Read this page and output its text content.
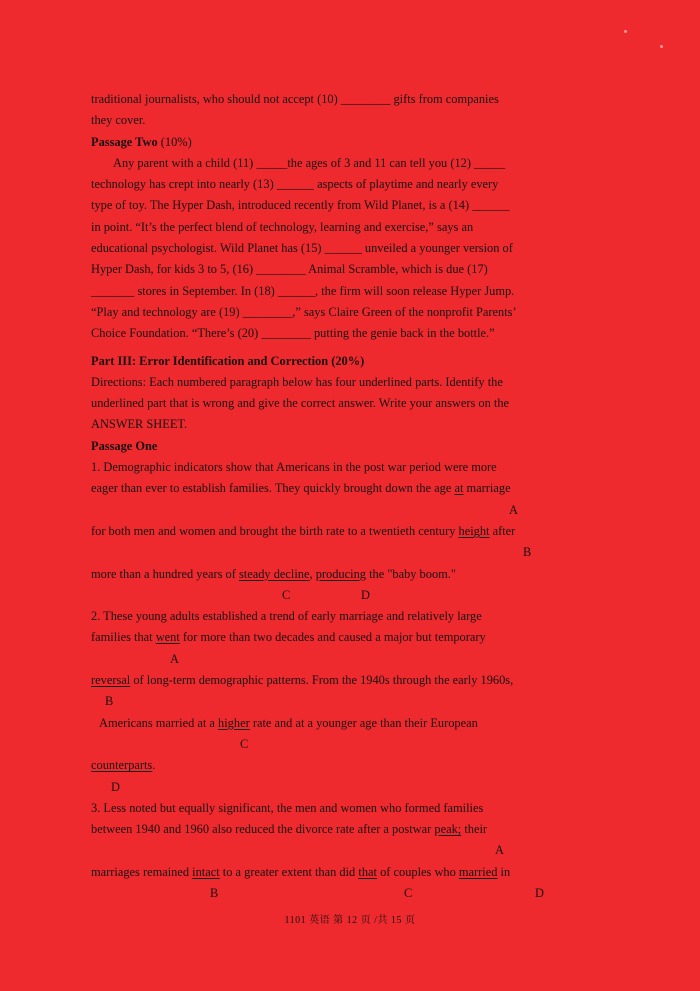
traditional journalists, who should not accept (10) ________ gifts from companies

they cover.

Passage Two (10%)

Any parent with a child (11) _____the ages of 3 and 11 can tell you (12) _____

technology has crept into nearly (13) ______ aspects of playtime and nearly every

type of toy. The Hyper Dash, introduced recently from Wild Planet, is a (14) ______

in point. “It’s the perfect blend of technology, learning and exercise,” says an

educational psychologist. Wild Planet has (15) ______ unveiled a younger version of

Hyper Dash, for kids 3 to 5, (16) ________ Animal Scramble, which is due (17)

_______ stores in September. In (18) ______, the firm will soon release Hyper Jump.

“Play and technology are (19) ________,” says Claire Green of the nonprofit Parents’

Choice Foundation. “There’s (20) ________ putting the genie back in the bottle.”

Part III: Error Identification and Correction (20%)

Directions: Each numbered paragraph below has four underlined parts. Identify the

underlined part that is wrong and give the correct answer. Write your answers on the

ANSWER SHEET.

Passage One

1. Demographic indicators show that Americans in the post war period were more

eager than ever to establish families. They quickly brought down the age at marriage

A

for both men and women and brought the birth rate to a twentieth century height after

B

more than a hundred years of steady decline, producing the "baby boom."

C	D

2. These young adults established a trend of early marriage and relatively large

families that went for more than two decades and caused a major but temporary

A

reversal of long-term demographic patterns. From the 1940s through the early 1960s,

B

Americans married at a higher rate and at a younger age than their European

C

counterparts.

D

3. Less noted but equally significant, the men and women who formed families

between 1940 and 1960 also reduced the divorce rate after a postwar peak; their

A

marriages remained intact to a greater extent than did that of couples who married in

B	C	D
1101 英语 第 12 页 /共 15 页
